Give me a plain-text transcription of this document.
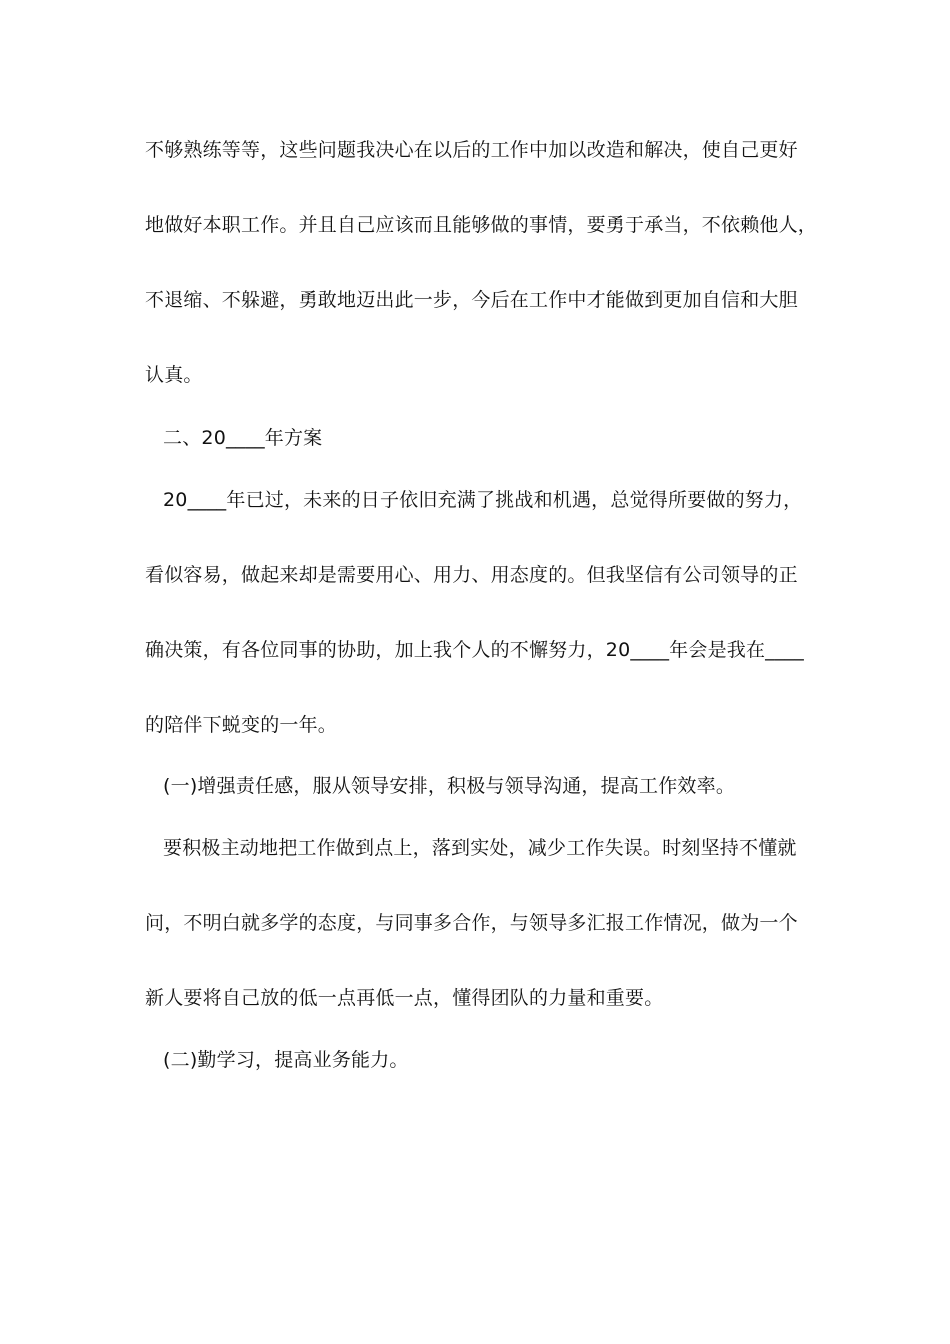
不够熟练等等，这些问题我决心在以后的工作中加以改造和解决，使自己更好
地做好本职工作。并且自己应该而且能够做的事情，要勇于承当，不依赖他人，
不退缩、不躲避，勇敢地迈出此一步，今后在工作中才能做到更加自信和大胆
认真。
二、20____年方案
20____年已过，未来的日子依旧充满了挑战和机遇，总觉得所要做的努力，
看似容易，做起来却是需要用心、用力、用态度的。但我坚信有公司领导的正
确决策，有各位同事的协助，加上我个人的不懈努力，20____年会是我在____
的陪伴下蜕变的一年。
(一)增强责任感，服从领导安排，积极与领导沟通，提高工作效率。
要积极主动地把工作做到点上，落到实处，减少工作失误。时刻坚持不懂就
问，不明白就多学的态度，与同事多合作，与领导多汇报工作情况，做为一个
新人要将自己放的低一点再低一点，懂得团队的力量和重要。
(二)勤学习，提高业务能力。
